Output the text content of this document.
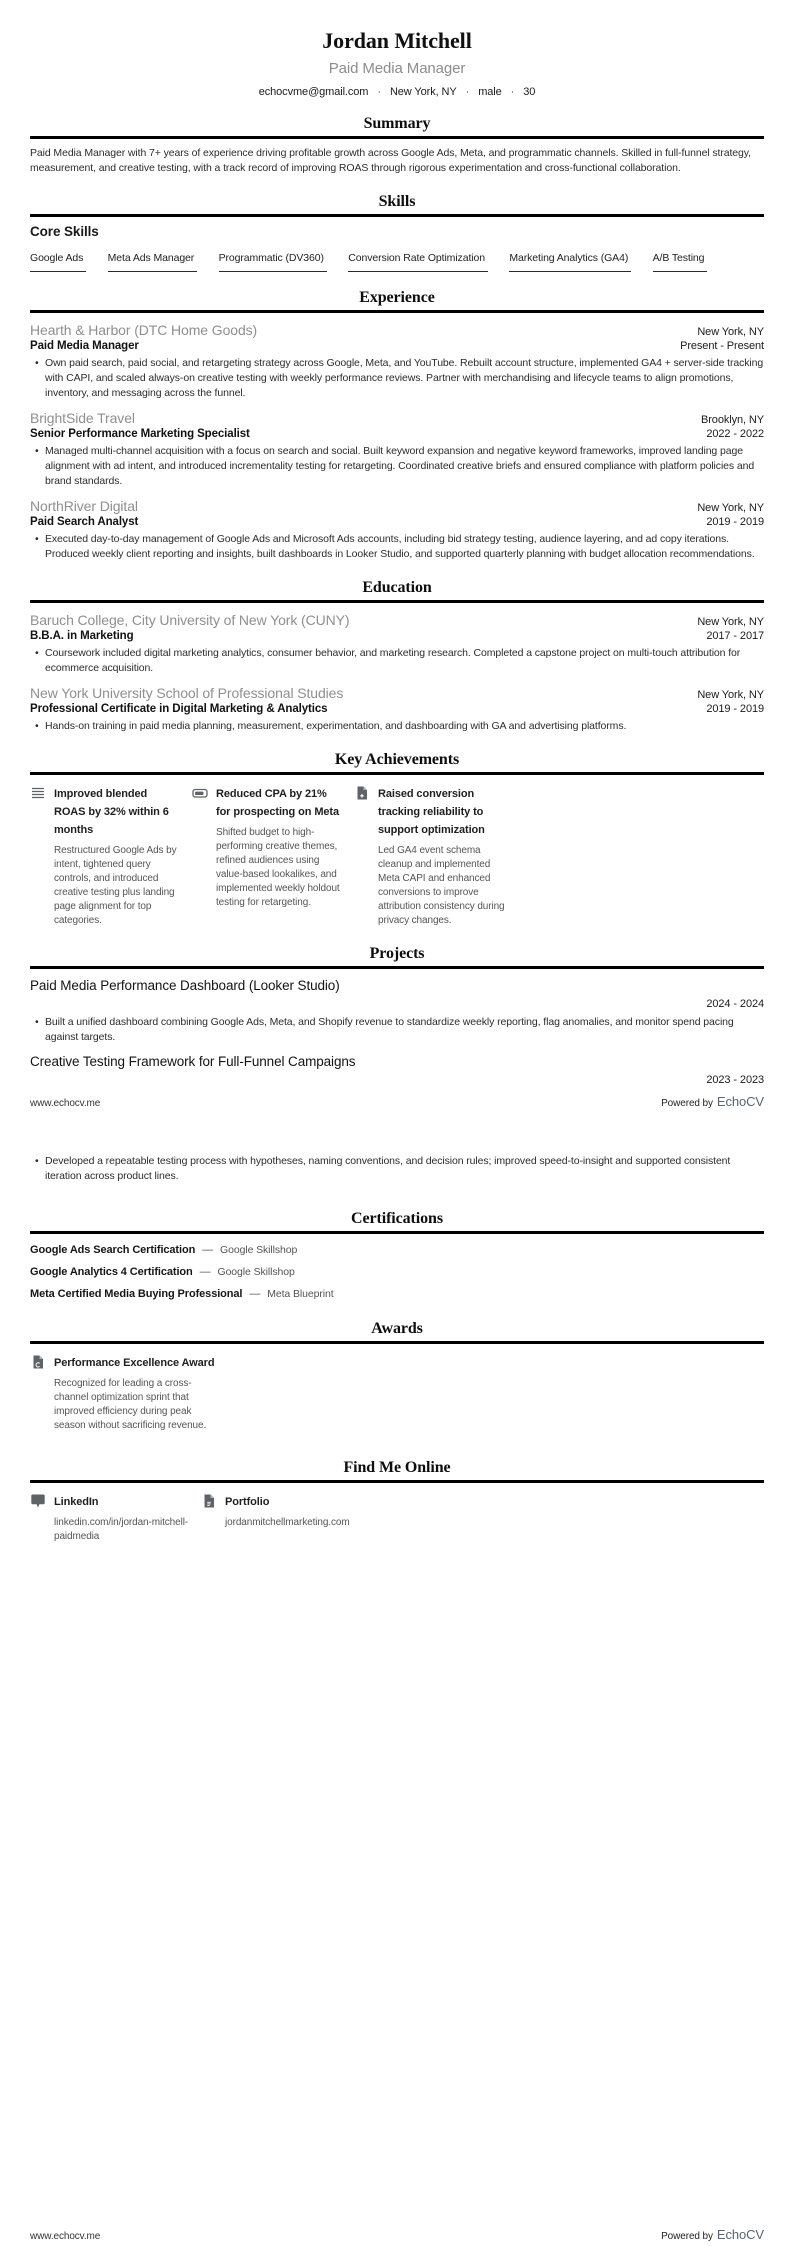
Jordan Mitchell
Paid Media Manager
echocvme@gmail.com · New York, NY · male · 30
Summary
Paid Media Manager with 7+ years of experience driving profitable growth across Google Ads, Meta, and programmatic channels. Skilled in full-funnel strategy, measurement, and creative testing, with a track record of improving ROAS through rigorous experimentation and cross-functional collaboration.
Skills
Core Skills
Google Ads Meta Ads Manager Programmatic (DV360) Conversion Rate Optimization Marketing Analytics (GA4) A/B Testing
Experience
Hearth & Harbor (DTC Home Goods)	New York, NY
Paid Media Manager	Present - Present
• Own paid search, paid social, and retargeting strategy across Google, Meta, and YouTube. Rebuilt account structure, implemented GA4 + server-side tracking with CAPI, and scaled always-on creative testing with weekly performance reviews. Partner with merchandising and lifecycle teams to align promotions, inventory, and messaging across the funnel.
BrightSide Travel	Brooklyn, NY
Senior Performance Marketing Specialist	2022 - 2022
• Managed multi-channel acquisition with a focus on search and social. Built keyword expansion and negative keyword frameworks, improved landing page alignment with ad intent, and introduced incrementality testing for retargeting. Coordinated creative briefs and ensured compliance with platform policies and brand standards.
NorthRiver Digital	New York, NY
Paid Search Analyst	2019 - 2019
• Executed day-to-day management of Google Ads and Microsoft Ads accounts, including bid strategy testing, audience layering, and ad copy iterations. Produced weekly client reporting and insights, built dashboards in Looker Studio, and supported quarterly planning with budget allocation recommendations.
Education
Baruch College, City University of New York (CUNY)	New York, NY
B.B.A. in Marketing	2017 - 2017
• Coursework included digital marketing analytics, consumer behavior, and marketing research. Completed a capstone project on multi-touch attribution for ecommerce acquisition.
New York University School of Professional Studies	New York, NY
Professional Certificate in Digital Marketing & Analytics	2019 - 2019
• Hands-on training in paid media planning, measurement, experimentation, and dashboarding with GA and advertising platforms.
Key Achievements
Improved blended ROAS by 32% within 6 months
Restructured Google Ads by intent, tightened query controls, and introduced creative testing plus landing page alignment for top categories.
Reduced CPA by 21% for prospecting on Meta
Shifted budget to high-performing creative themes, refined audiences using value-based lookalikes, and implemented weekly holdout testing for retargeting.
Raised conversion tracking reliability to support optimization
Led GA4 event schema cleanup and implemented Meta CAPI and enhanced conversions to improve attribution consistency during privacy changes.
Projects
Paid Media Performance Dashboard (Looker Studio)
2024 - 2024
• Built a unified dashboard combining Google Ads, Meta, and Shopify revenue to standardize weekly reporting, flag anomalies, and monitor spend pacing against targets.
Creative Testing Framework for Full-Funnel Campaigns
2023 - 2023
www.echocv.me	Powered by EchoCV
• Developed a repeatable testing process with hypotheses, naming conventions, and decision rules; improved speed-to-insight and supported consistent iteration across product lines.
Certifications
Google Ads Search Certification — Google Skillshop
Google Analytics 4 Certification — Google Skillshop
Meta Certified Media Buying Professional — Meta Blueprint
Awards
Performance Excellence Award
Recognized for leading a cross-channel optimization sprint that improved efficiency during peak season without sacrificing revenue.
Find Me Online
LinkedIn
linkedin.com/in/jordan-mitchell-paidmedia
Portfolio
jordanmitchellmarketing.com
www.echocv.me	Powered by EchoCV
